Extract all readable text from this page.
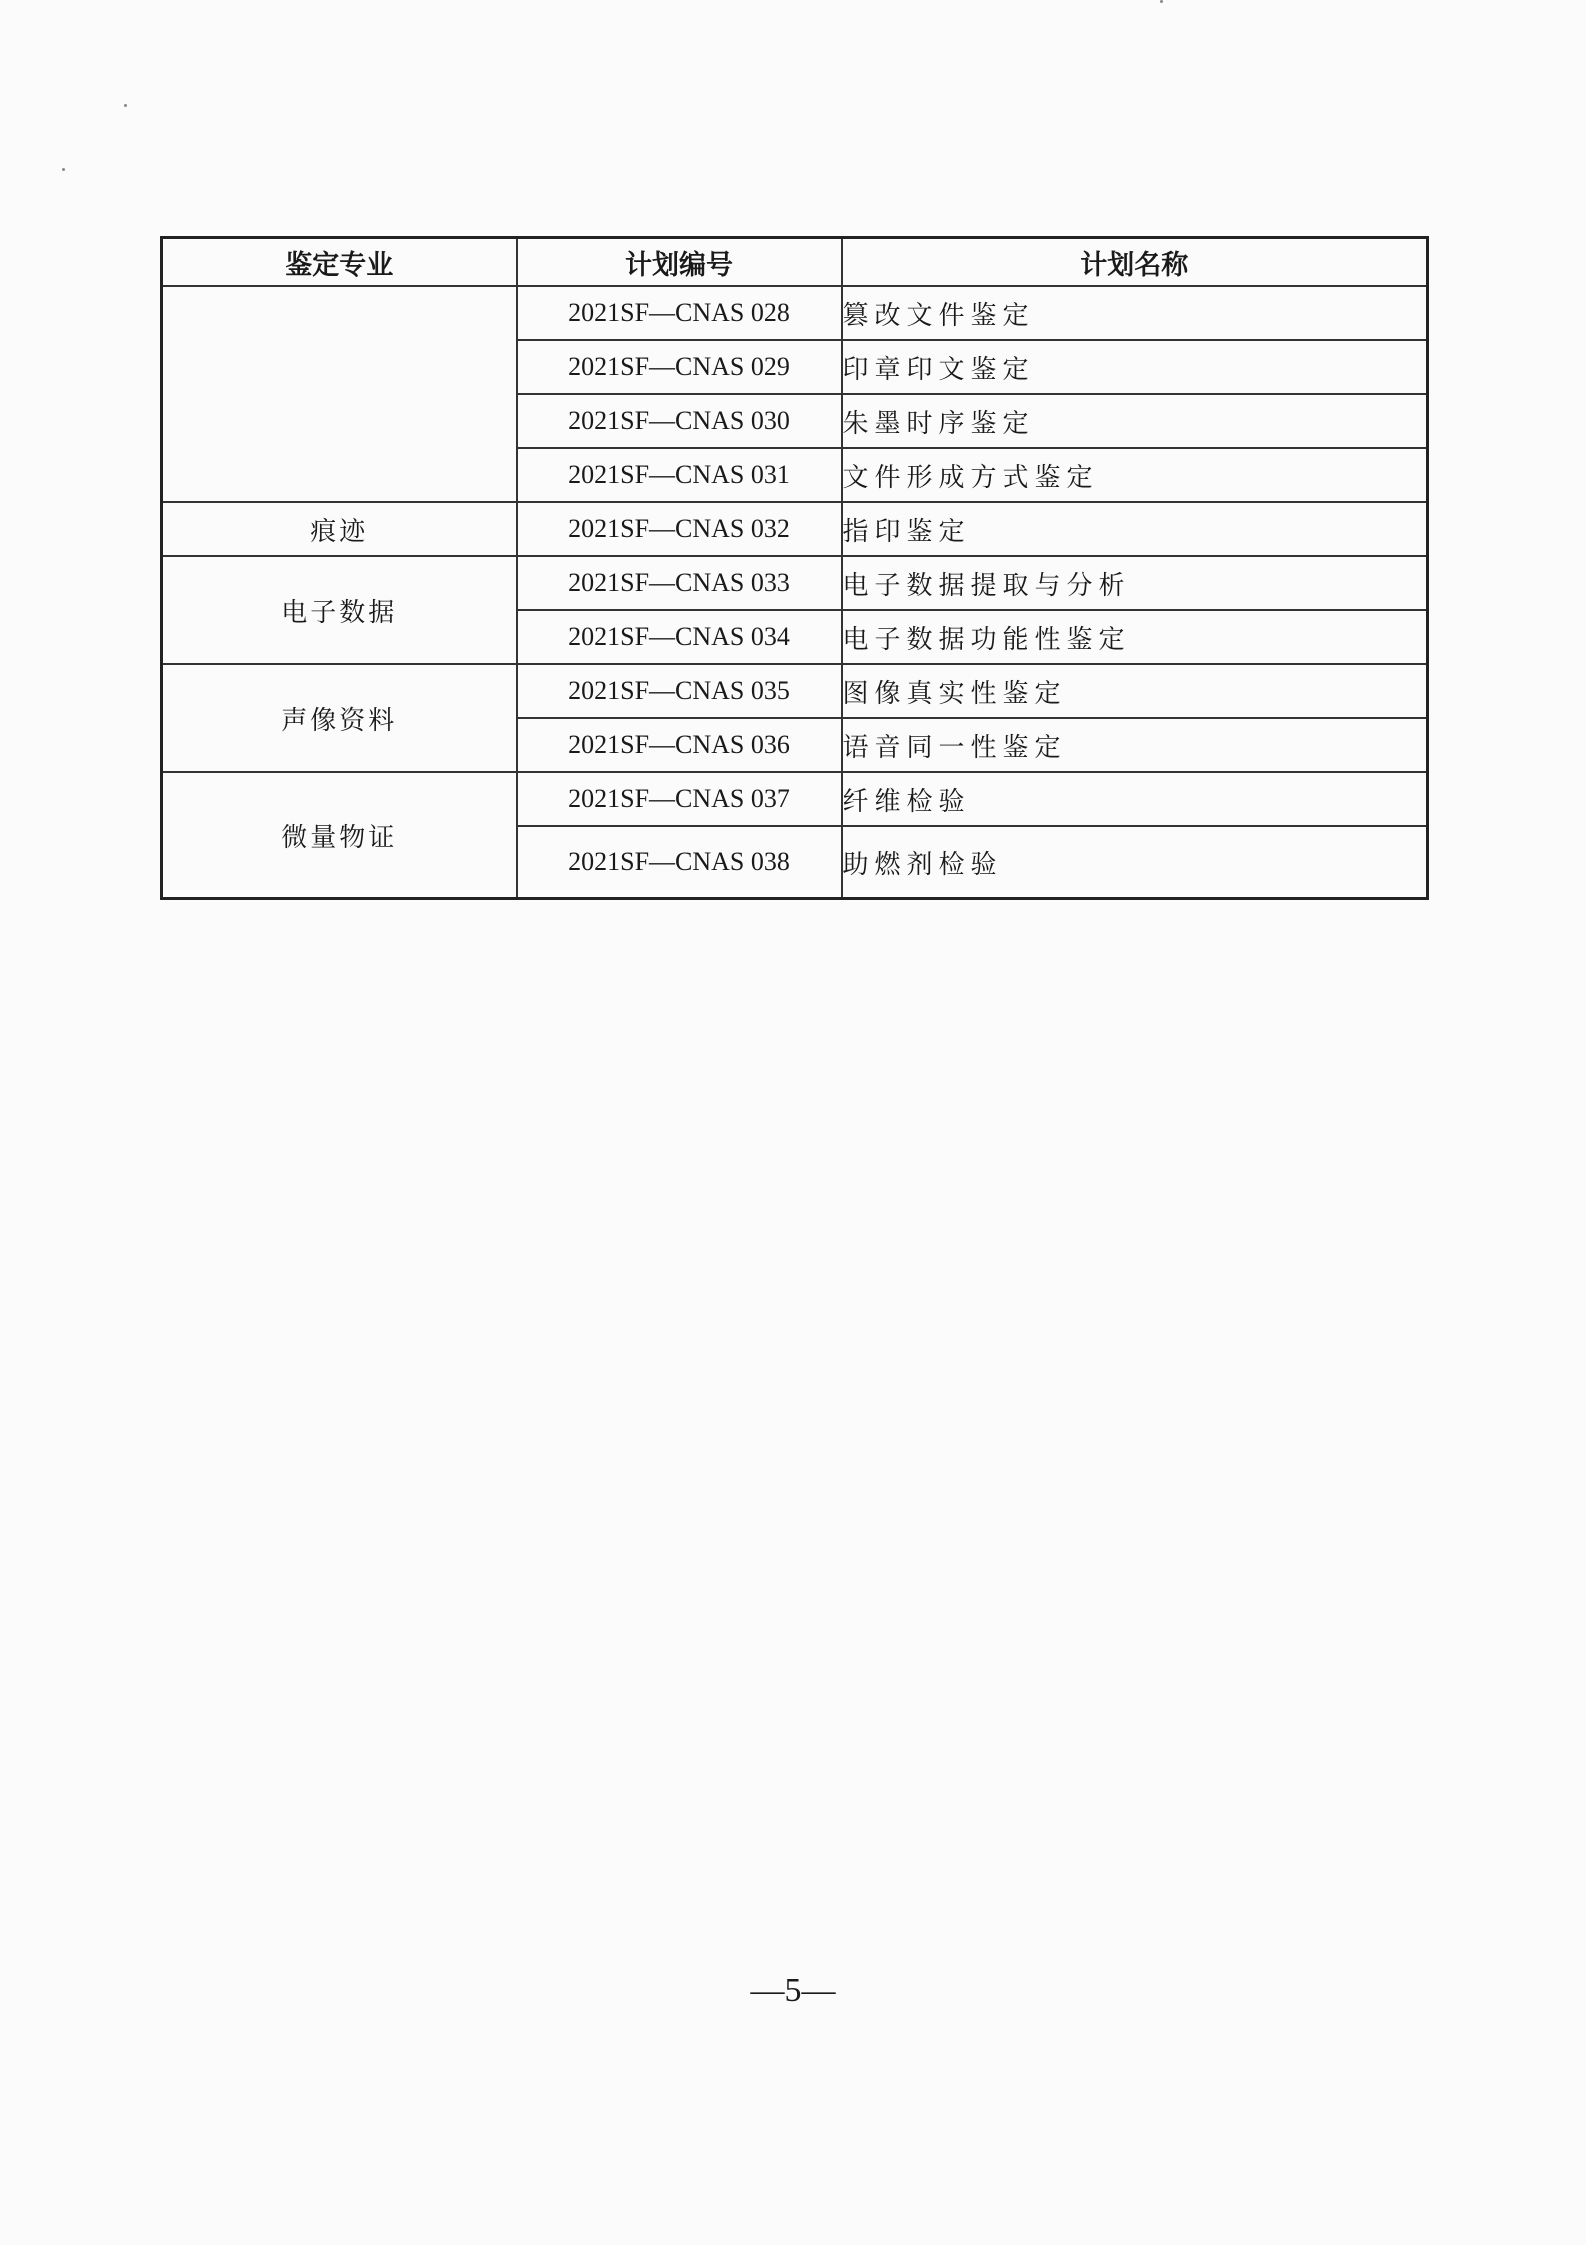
鉴定专业	计划编号	计划名称
	2021SF—CNAS 028	篡改文件鉴定
	2021SF—CNAS 029	印章印文鉴定
	2021SF—CNAS 030	朱墨时序鉴定
	2021SF—CNAS 031	文件形成方式鉴定
痕迹	2021SF—CNAS 032	指印鉴定
电子数据	2021SF—CNAS 033	电子数据提取与分析
	2021SF—CNAS 034	电子数据功能性鉴定
声像资料	2021SF—CNAS 035	图像真实性鉴定
	2021SF—CNAS 036	语音同一性鉴定
微量物证	2021SF—CNAS 037	纤维检验
	2021SF—CNAS 038	助燃剂检验
—5—
